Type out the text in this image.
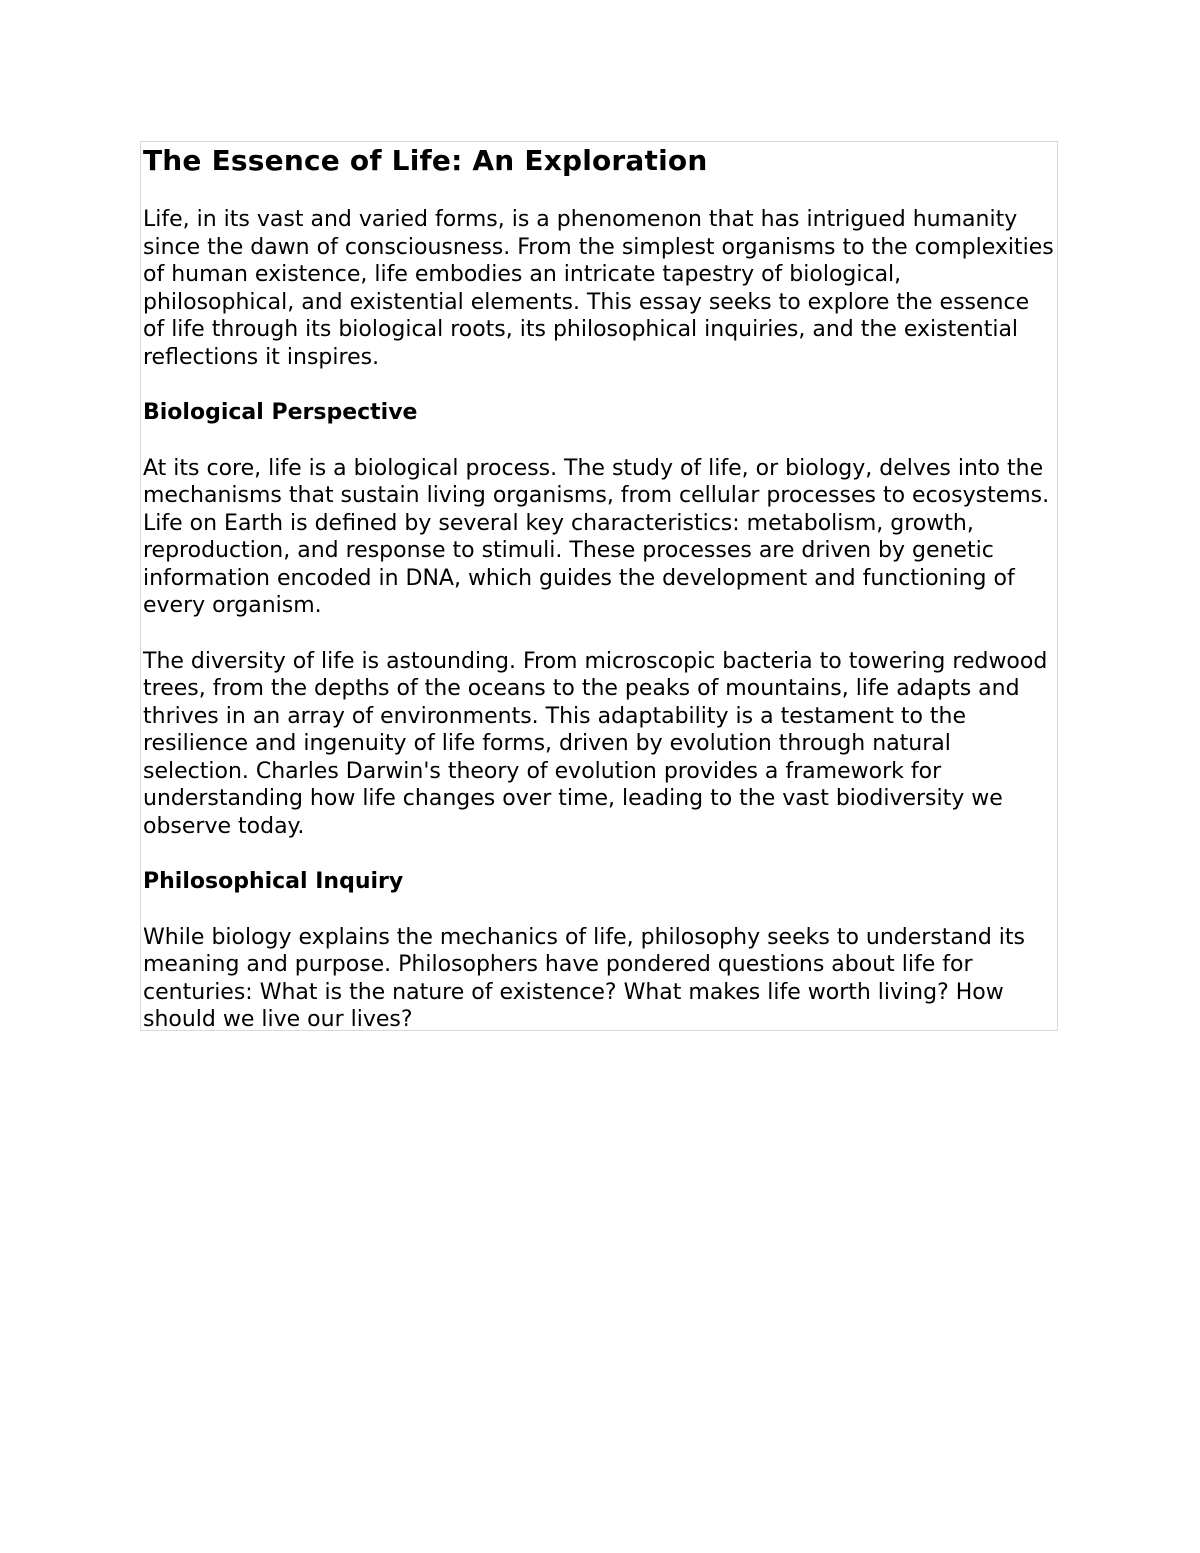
The Essence of Life: An Exploration

Life, in its vast and varied forms, is a phenomenon that has intrigued humanity since the dawn of consciousness. From the simplest organisms to the complexities of human existence, life embodies an intricate tapestry of biological, philosophical, and existential elements. This essay seeks to explore the essence of life through its biological roots, its philosophical inquiries, and the existential reflections it inspires.

Biological Perspective

At its core, life is a biological process. The study of life, or biology, delves into the mechanisms that sustain living organisms, from cellular processes to ecosystems. Life on Earth is defined by several key characteristics: metabolism, growth, reproduction, and response to stimuli. These processes are driven by genetic information encoded in DNA, which guides the development and functioning of every organism.

The diversity of life is astounding. From microscopic bacteria to towering redwood trees, from the depths of the oceans to the peaks of mountains, life adapts and thrives in an array of environments. This adaptability is a testament to the resilience and ingenuity of life forms, driven by evolution through natural selection. Charles Darwin's theory of evolution provides a framework for understanding how life changes over time, leading to the vast biodiversity we observe today.

Philosophical Inquiry

While biology explains the mechanics of life, philosophy seeks to understand its meaning and purpose. Philosophers have pondered questions about life for centuries: What is the nature of existence? What makes life worth living? How should we live our lives?
